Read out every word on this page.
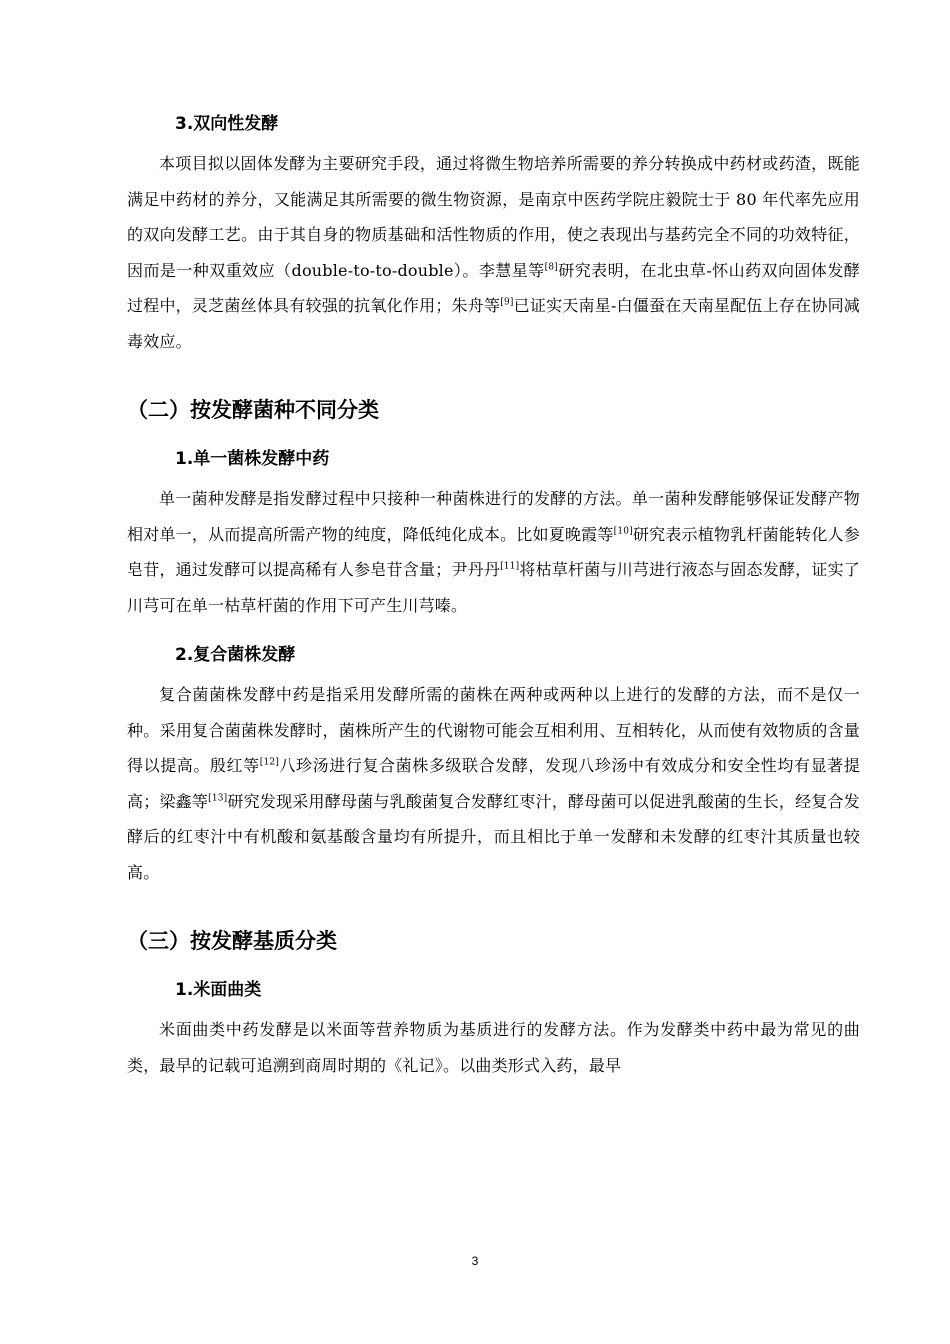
3.双向性发酵

本项目拟以固体发酵为主要研究手段，通过将微生物培养所需要的养分转换成中药材或药渣，既能满足中药材的养分，又能满足其所需要的微生物资源，是南京中医药学院庄毅院士于 80 年代率先应用的双向发酵工艺。由于其自身的物质基础和活性物质的作用，使之表现出与基药完全不同的功效特征，因而是一种双重效应（double-to-to-double）。李慧星等[8]研究表明，在北虫草-怀山药双向固体发酵过程中，灵芝菌丝体具有较强的抗氧化作用；朱舟等[9]已证实天南星-白僵蚕在天南星配伍上存在协同减毒效应。

（二）按发酵菌种不同分类
1.单一菌株发酵中药

单一菌种发酵是指发酵过程中只接种一种菌株进行的发酵的方法。单一菌种发酵能够保证发酵产物相对单一，从而提高所需产物的纯度，降低纯化成本。比如夏晚霞等[10]研究表示植物乳杆菌能转化人参皂苷，通过发酵可以提高稀有人参皂苷含量；尹丹丹[11]将枯草杆菌与川芎进行液态与固态发酵，证实了川芎可在单一枯草杆菌的作用下可产生川芎嗪。

2.复合菌株发酵

复合菌菌株发酵中药是指采用发酵所需的菌株在两种或两种以上进行的发酵的方法，而不是仅一种。采用复合菌菌株发酵时，菌株所产生的代谢物可能会互相利用、互相转化，从而使有效物质的含量得以提高。殷红等[12]八珍汤进行复合菌株多级联合发酵，发现八珍汤中有效成分和安全性均有显著提高；梁鑫等[13]研究发现采用酵母菌与乳酸菌复合发酵红枣汁，酵母菌可以促进乳酸菌的生长，经复合发酵后的红枣汁中有机酸和氨基酸含量均有所提升，而且相比于单一发酵和未发酵的红枣汁其质量也较高。

（三）按发酵基质分类
1.米面曲类

米面曲类中药发酵是以米面等营养物质为基质进行的发酵方法。作为发酵类中药中最为常见的曲类，最早的记载可追溯到商周时期的《礼记》。以曲类形式入药，最早

3
